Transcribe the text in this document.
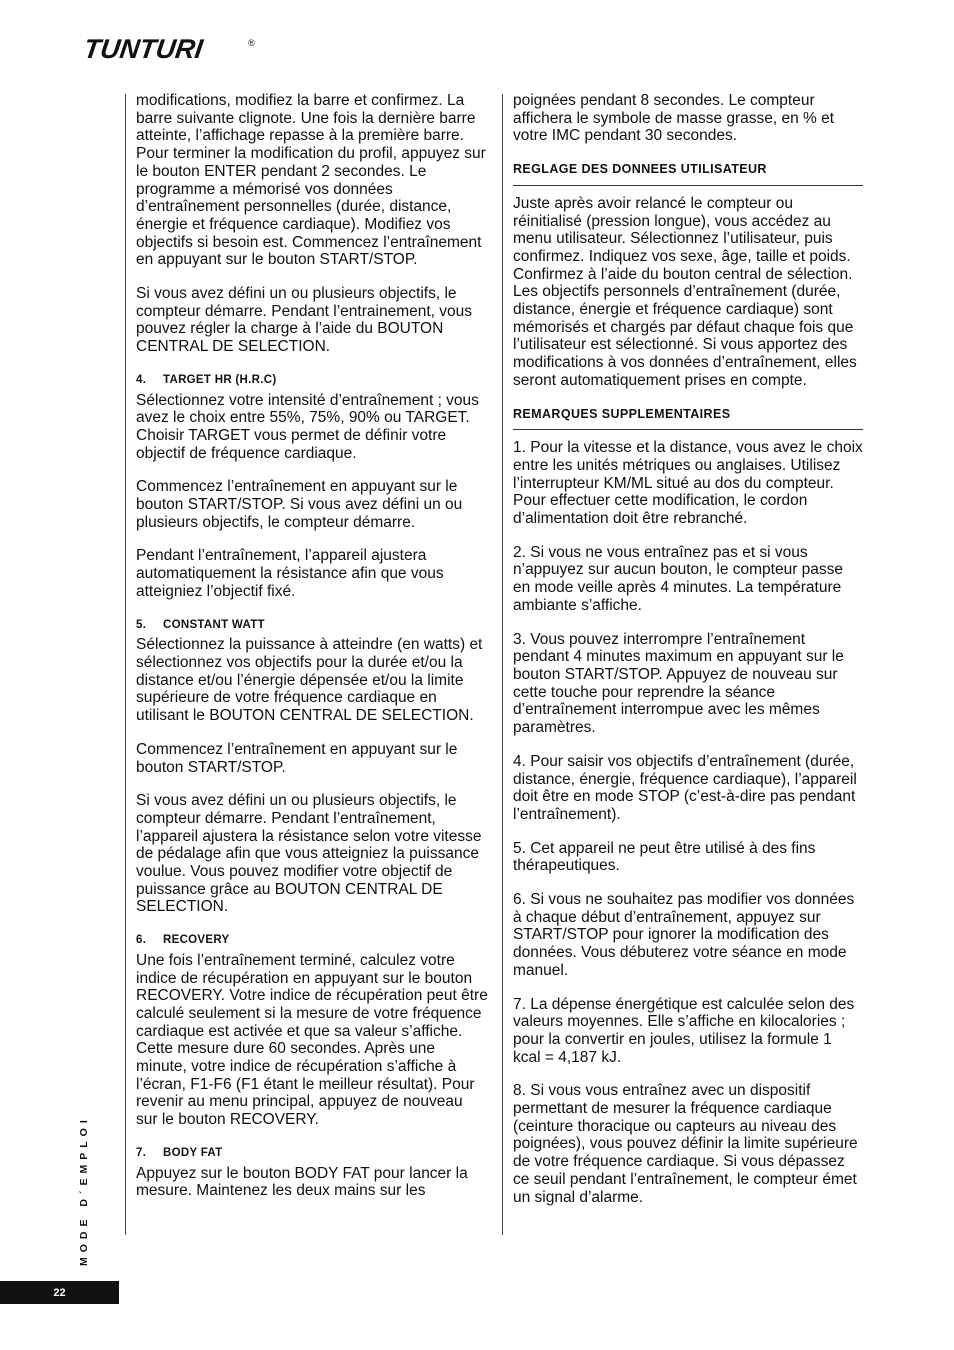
TUNTURI	®

modifications, modifiez la barre et confirmez. La barre suivante clignote. Une fois la dernière barre atteinte, l’affichage repasse à la première barre. Pour terminer la modification du profil, appuyez sur le bouton ENTER pendant 2 secondes. Le programme a mémorisé vos données d’entraînement personnelles (durée, distance, énergie et fréquence cardiaque). Modifiez vos objectifs si besoin est. Commencez l’entraînement en appuyant sur le bouton START/STOP.

Si vous avez défini un ou plusieurs objectifs, le compteur démarre. Pendant l’entrainement, vous pouvez régler la charge à l’aide du BOUTON CENTRAL DE SELECTION.

4. TARGET HR (H.R.C)

Sélectionnez votre intensité d’entraînement ; vous avez le choix entre 55%, 75%, 90% ou TARGET. Choisir TARGET vous permet de définir votre objectif de fréquence cardiaque.

Commencez l’entraînement en appuyant sur le bouton START/STOP. Si vous avez défini un ou plusieurs objectifs, le compteur démarre.

Pendant l’entraînement, l’appareil ajustera automatiquement la résistance afin que vous atteigniez l’objectif fixé.

5. CONSTANT WATT

Sélectionnez la puissance à atteindre (en watts) et sélectionnez vos objectifs pour la durée et/ou la distance et/ou l’énergie dépensée et/ou la limite supérieure de votre fréquence cardiaque en utilisant le BOUTON CENTRAL DE SELECTION.

Commencez l’entraînement en appuyant sur le bouton START/STOP.

Si vous avez défini un ou plusieurs objectifs, le compteur démarre. Pendant l’entraînement, l’appareil ajustera la résistance selon votre vitesse de pédalage afin que vous atteigniez la puissance voulue. Vous pouvez modifier votre objectif de puissance grâce au BOUTON CENTRAL DE SELECTION.

6. RECOVERY

Une fois l’entraînement terminé, calculez votre indice de récupération en appuyant sur le bouton RECOVERY. Votre indice de récupération peut être calculé seulement si la mesure de votre fréquence cardiaque est activée et que sa valeur s’affiche. Cette mesure dure 60 secondes. Après une minute, votre indice de récupération s’affiche à l’écran, F1-F6 (F1 étant le meilleur résultat). Pour revenir au menu principal, appuyez de nouveau sur le bouton RECOVERY.

7. BODY FAT

Appuyez sur le bouton BODY FAT pour lancer la mesure. Maintenez les deux mains sur les

poignées pendant 8 secondes. Le compteur affichera le symbole de masse grasse, en % et votre IMC pendant 30 secondes.

REGLAGE DES DONNEES UTILISATEUR

Juste après avoir relancé le compteur ou réinitialisé (pression longue), vous accédez au menu utilisateur. Sélectionnez l’utilisateur, puis confirmez. Indiquez vos sexe, âge, taille et poids. Confirmez à l’aide du bouton central de sélection. Les objectifs personnels d’entraînement (durée, distance, énergie et fréquence cardiaque) sont mémorisés et chargés par défaut chaque fois que l’utilisateur est sélectionné. Si vous apportez des modifications à vos données d’entraînement, elles seront automatiquement prises en compte.

REMARQUES SUPPLEMENTAIRES

1. Pour la vitesse et la distance, vous avez le choix entre les unités métriques ou anglaises. Utilisez l’interrupteur KM/ML situé au dos du compteur. Pour effectuer cette modification, le cordon d’alimentation doit être rebranché.

2. Si vous ne vous entraînez pas et si vous n’appuyez sur aucun bouton, le compteur passe en mode veille après 4 minutes. La température ambiante s’affiche.

3. Vous pouvez interrompre l’entraînement pendant 4 minutes maximum en appuyant sur le bouton START/STOP. Appuyez de nouveau sur cette touche pour reprendre la séance d’entraînement interrompue avec les mêmes paramètres.

4. Pour saisir vos objectifs d’entraînement (durée, distance, énergie, fréquence cardiaque), l’appareil doit être en mode STOP (c’est-à-dire pas pendant l’entraînement).

5. Cet appareil ne peut être utilisé à des fins thérapeutiques.

6. Si vous ne souhaitez pas modifier vos données à chaque début d’entraînement, appuyez sur START/STOP pour ignorer la modification des données. Vous débuterez votre séance en mode manuel.

7. La dépense énergétique est calculée selon des valeurs moyennes. Elle s’affiche en kilocalories ; pour la convertir en joules, utilisez la formule 1 kcal = 4,187 kJ.

8. Si vous vous entraînez avec un dispositif permettant de mesurer la fréquence cardiaque (ceinture thoracique ou capteurs au niveau des poignées), vous pouvez définir la limite supérieure de votre fréquence cardiaque. Si vous dépassez ce seuil pendant l’entraînement, le compteur émet un signal d’alarme.

MODE D´EMPLOI
22
